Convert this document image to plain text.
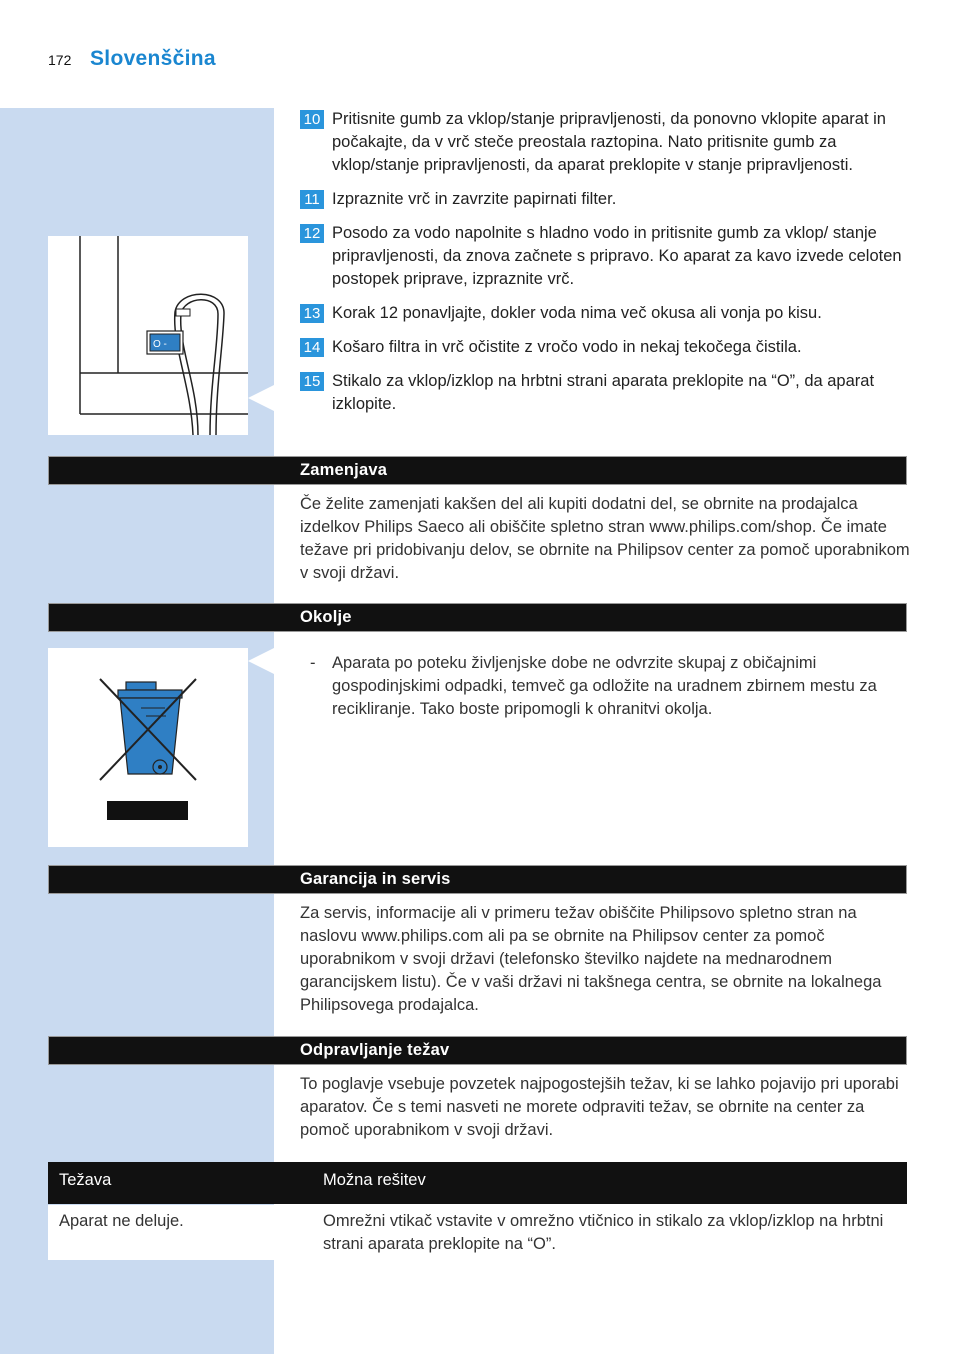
172 Slovenščina
O -
10 Pritisnite gumb za vklop/stanje pripravljenosti, da ponovno vklopite aparat in počakajte, da v vrč steče preostala raztopina. Nato pritisnite gumb za vklop/stanje pripravljenosti, da aparat preklopite v stanje pripravljenosti.
11 Izpraznite vrč in zavrzite papirnati filter.
12 Posodo za vodo napolnite s hladno vodo in pritisnite gumb za vklop/ stanje pripravljenosti, da znova začnete s pripravo. Ko aparat za kavo izvede celoten postopek priprave, izpraznite vrč.
13 Korak 12 ponavljajte, dokler voda nima več okusa ali vonja po kisu.
14 Košaro filtra in vrč očistite z vročo vodo in nekaj tekočega čistila.
15 Stikalo za vklop/izklop na hrbtni strani aparata preklopite na “O”, da aparat izklopite.
Zamenjava
Če želite zamenjati kakšen del ali kupiti dodatni del, se obrnite na prodajalca izdelkov Philips Saeco ali obiščite spletno stran www.philips.com/shop. Če imate težave pri pridobivanju delov, se obrnite na Philipsov center za pomoč uporabnikom v svoji državi.
Okolje
- Aparata po poteku življenjske dobe ne odvrzite skupaj z običajnimi gospodinjskimi odpadki, temveč ga odložite na uradnem zbirnem mestu za recikliranje. Tako boste pripomogli k ohranitvi okolja.
Garancija in servis
Za servis, informacije ali v primeru težav obiščite Philipsovo spletno stran na naslovu www.philips.com ali pa se obrnite na Philipsov center za pomoč uporabnikom v svoji državi (telefonsko številko najdete na mednarodnem garancijskem listu). Če v vaši državi ni takšnega centra, se obrnite na lokalnega Philipsovega prodajalca.
Odpravljanje težav
To poglavje vsebuje povzetek najpogostejših težav, ki se lahko pojavijo pri uporabi aparatov. Če s temi nasveti ne morete odpraviti težav, se obrnite na center za pomoč uporabnikom v svoji državi.
Težava	Možna rešitev
Aparat ne deluje.	Omrežni vtikač vstavite v omrežno vtičnico in stikalo za vklop/izklop na hrbtni strani aparata preklopite na “O”.
